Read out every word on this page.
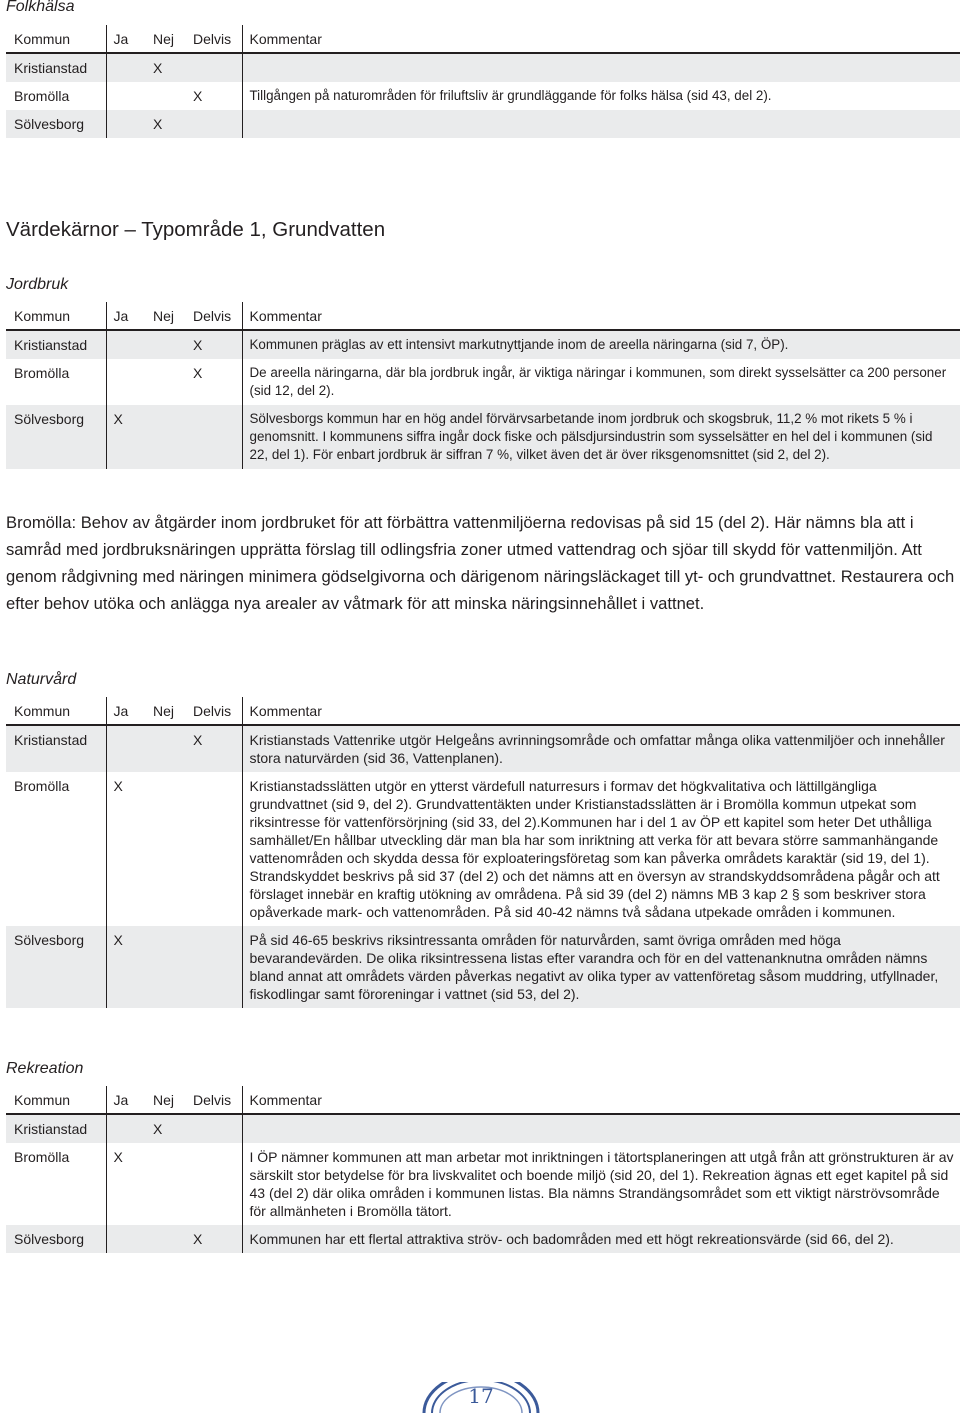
Folkhälsa
Kommun	Ja	Nej	Delvis	Kommentar
Kristianstad		X		
Bromölla			X	Tillgången på naturområden för friluftsliv är grundläggande för folks hälsa (sid 43, del 2).
Sölvesborg		X		
Värdekärnor – Typområde 1, Grundvatten
Jordbruk
Kommun	Ja	Nej	Delvis	Kommentar
Kristianstad			X	Kommunen präglas av ett intensivt markutnyttjande inom de areella näringarna (sid 7, ÖP).
Bromölla			X	De areella näringarna, där bla jordbruk ingår, är viktiga näringar i kommunen, som direkt sysselsätter ca 200 personer (sid 12, del 2).
Sölvesborg	X			Sölvesborgs kommun har en hög andel förvärvsarbetande inom jordbruk och skogsbruk, 11,2 % mot rikets 5 % i genomsnitt. I kommunens siffra ingår dock fiske och pälsdjursindustrin som sysselsätter en hel del i kommunen (sid 22, del 1). För enbart jordbruk är siffran 7 %, vilket även det är över riksgenomsnittet (sid 2, del 2).

Bromölla: Behov av åtgärder inom jordbruket för att förbättra vattenmiljöerna redovisas på sid 15 (del 2). Här nämns bla att i samråd med jordbruksnäringen upprätta förslag till odlingsfria zoner utmed vattendrag och sjöar till skydd för vattenmiljön. Att genom rådgivning med näringen minimera gödselgivorna och därigenom näringsläckaget till yt- och grundvattnet. Restaurera och efter behov utöka och anlägga nya arealer av våtmark för att minska näringsinnehållet i vattnet.

Naturvård
Kommun	Ja	Nej	Delvis	Kommentar
Kristianstad			X	Kristianstads Vattenrike utgör Helgeåns avrinningsområde och omfattar många olika vattenmiljöer och innehåller stora naturvärden (sid 36, Vattenplanen).
Bromölla	X			Kristianstadsslätten utgör en ytterst värdefull naturresurs i formav det högkvalitativa och lättillgängliga grundvattnet (sid 9, del 2). Grundvattentäkten under Kristianstadsslätten är i Bromölla kommun utpekat som riksintresse för vattenförsörjning (sid 33, del 2).Kommunen har i del 1 av ÖP ett kapitel som heter Det uthålliga samhället/En hållbar utveckling där man bla har som inriktning att verka för att bevara större sammanhängande vattenområden och skydda dessa för exploateringsföretag som kan påverka områdets karaktär (sid 19, del 1). Strandskyddet beskrivs på sid 37 (del 2) och det nämns att en översyn av strandskyddsområdena pågår och att förslaget innebär en kraftig utökning av områdena. På sid 39 (del 2) nämns MB 3 kap 2 § som beskriver stora opåverkade mark- och vattenområden. På sid 40-42 nämns två sådana utpekade områden i kommunen.
Sölvesborg	X			På sid 46-65 beskrivs riksintressanta områden för naturvården, samt övriga områden med höga bevarandevärden. De olika riksintressena listas efter varandra och för en del vattenanknutna områden nämns bland annat att områdets värden påverkas negativt av olika typer av vattenföretag såsom muddring, utfyllnader, fiskodlingar samt föroreningar i vattnet (sid 53, del 2).
Rekreation
Kommun	Ja	Nej	Delvis	Kommentar
Kristianstad		X		
Bromölla	X			I ÖP nämner kommunen att man arbetar mot inriktningen i tätortsplaneringen att utgå från att grönstrukturen är av särskilt stor betydelse för bra livskvalitet och boende miljö (sid 20, del 1). Rekreation ägnas ett eget kapitel på sid 43 (del 2) där olika områden i kommunen listas. Bla nämns Strandängsområdet som ett viktigt närströvsområde för allmänheten i Bromölla tätort.
Sölvesborg			X	Kommunen har ett flertal attraktiva ströv- och badområden med ett högt rekreationsvärde (sid 66, del 2).
17
